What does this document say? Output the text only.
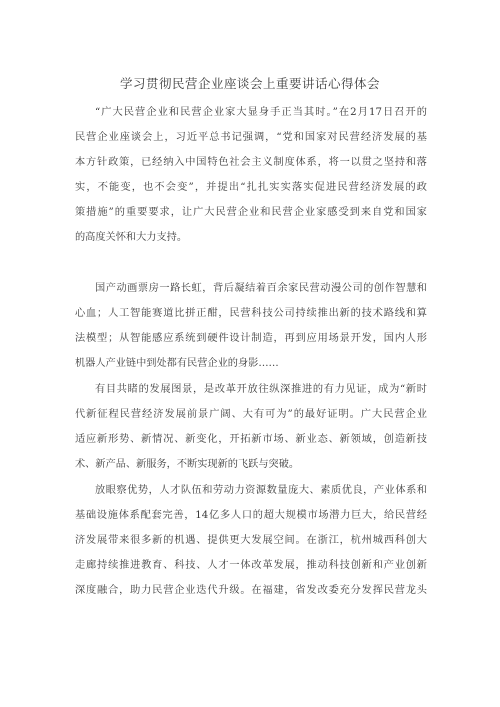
学习贯彻民营企业座谈会上重要讲话心得体会
“广大民营企业和民营企业家大显身手正当其时。”在2月17日召开的
民营企业座谈会上，习近平总书记强调，“党和国家对民营经济发展的基
本方针政策，已经纳入中国特色社会主义制度体系，将一以贯之坚持和落
实，不能变，也不会变”，并提出“扎扎实实落实促进民营经济发展的政
策措施”的重要要求，让广大民营企业和民营企业家感受到来自党和国家
的高度关怀和大力支持。
国产动画票房一路长虹，背后凝结着百余家民营动漫公司的创作智慧和
心血；人工智能赛道比拼正酣，民营科技公司持续推出新的技术路线和算
法模型；从智能感应系统到硬件设计制造，再到应用场景开发，国内人形
机器人产业链中到处都有民营企业的身影……
有目共睹的发展图景，是改革开放往纵深推进的有力见证，成为“新时
代新征程民营经济发展前景广阔、大有可为”的最好证明。广大民营企业
适应新形势、新情况、新变化，开拓新市场、新业态、新领域，创造新技
术、新产品、新服务，不断实现新的飞跃与突破。
放眼察优势，人才队伍和劳动力资源数量庞大、素质优良，产业体系和
基础设施体系配套完善，14亿多人口的超大规模市场潜力巨大，给民营经
济发展带来很多新的机遇、提供更大发展空间。在浙江，杭州城西科创大
走廊持续推进教育、科技、人才一体改革发展，推动科技创新和产业创新
深度融合，助力民营企业迭代升级。在福建，省发改委充分发挥民营龙头
